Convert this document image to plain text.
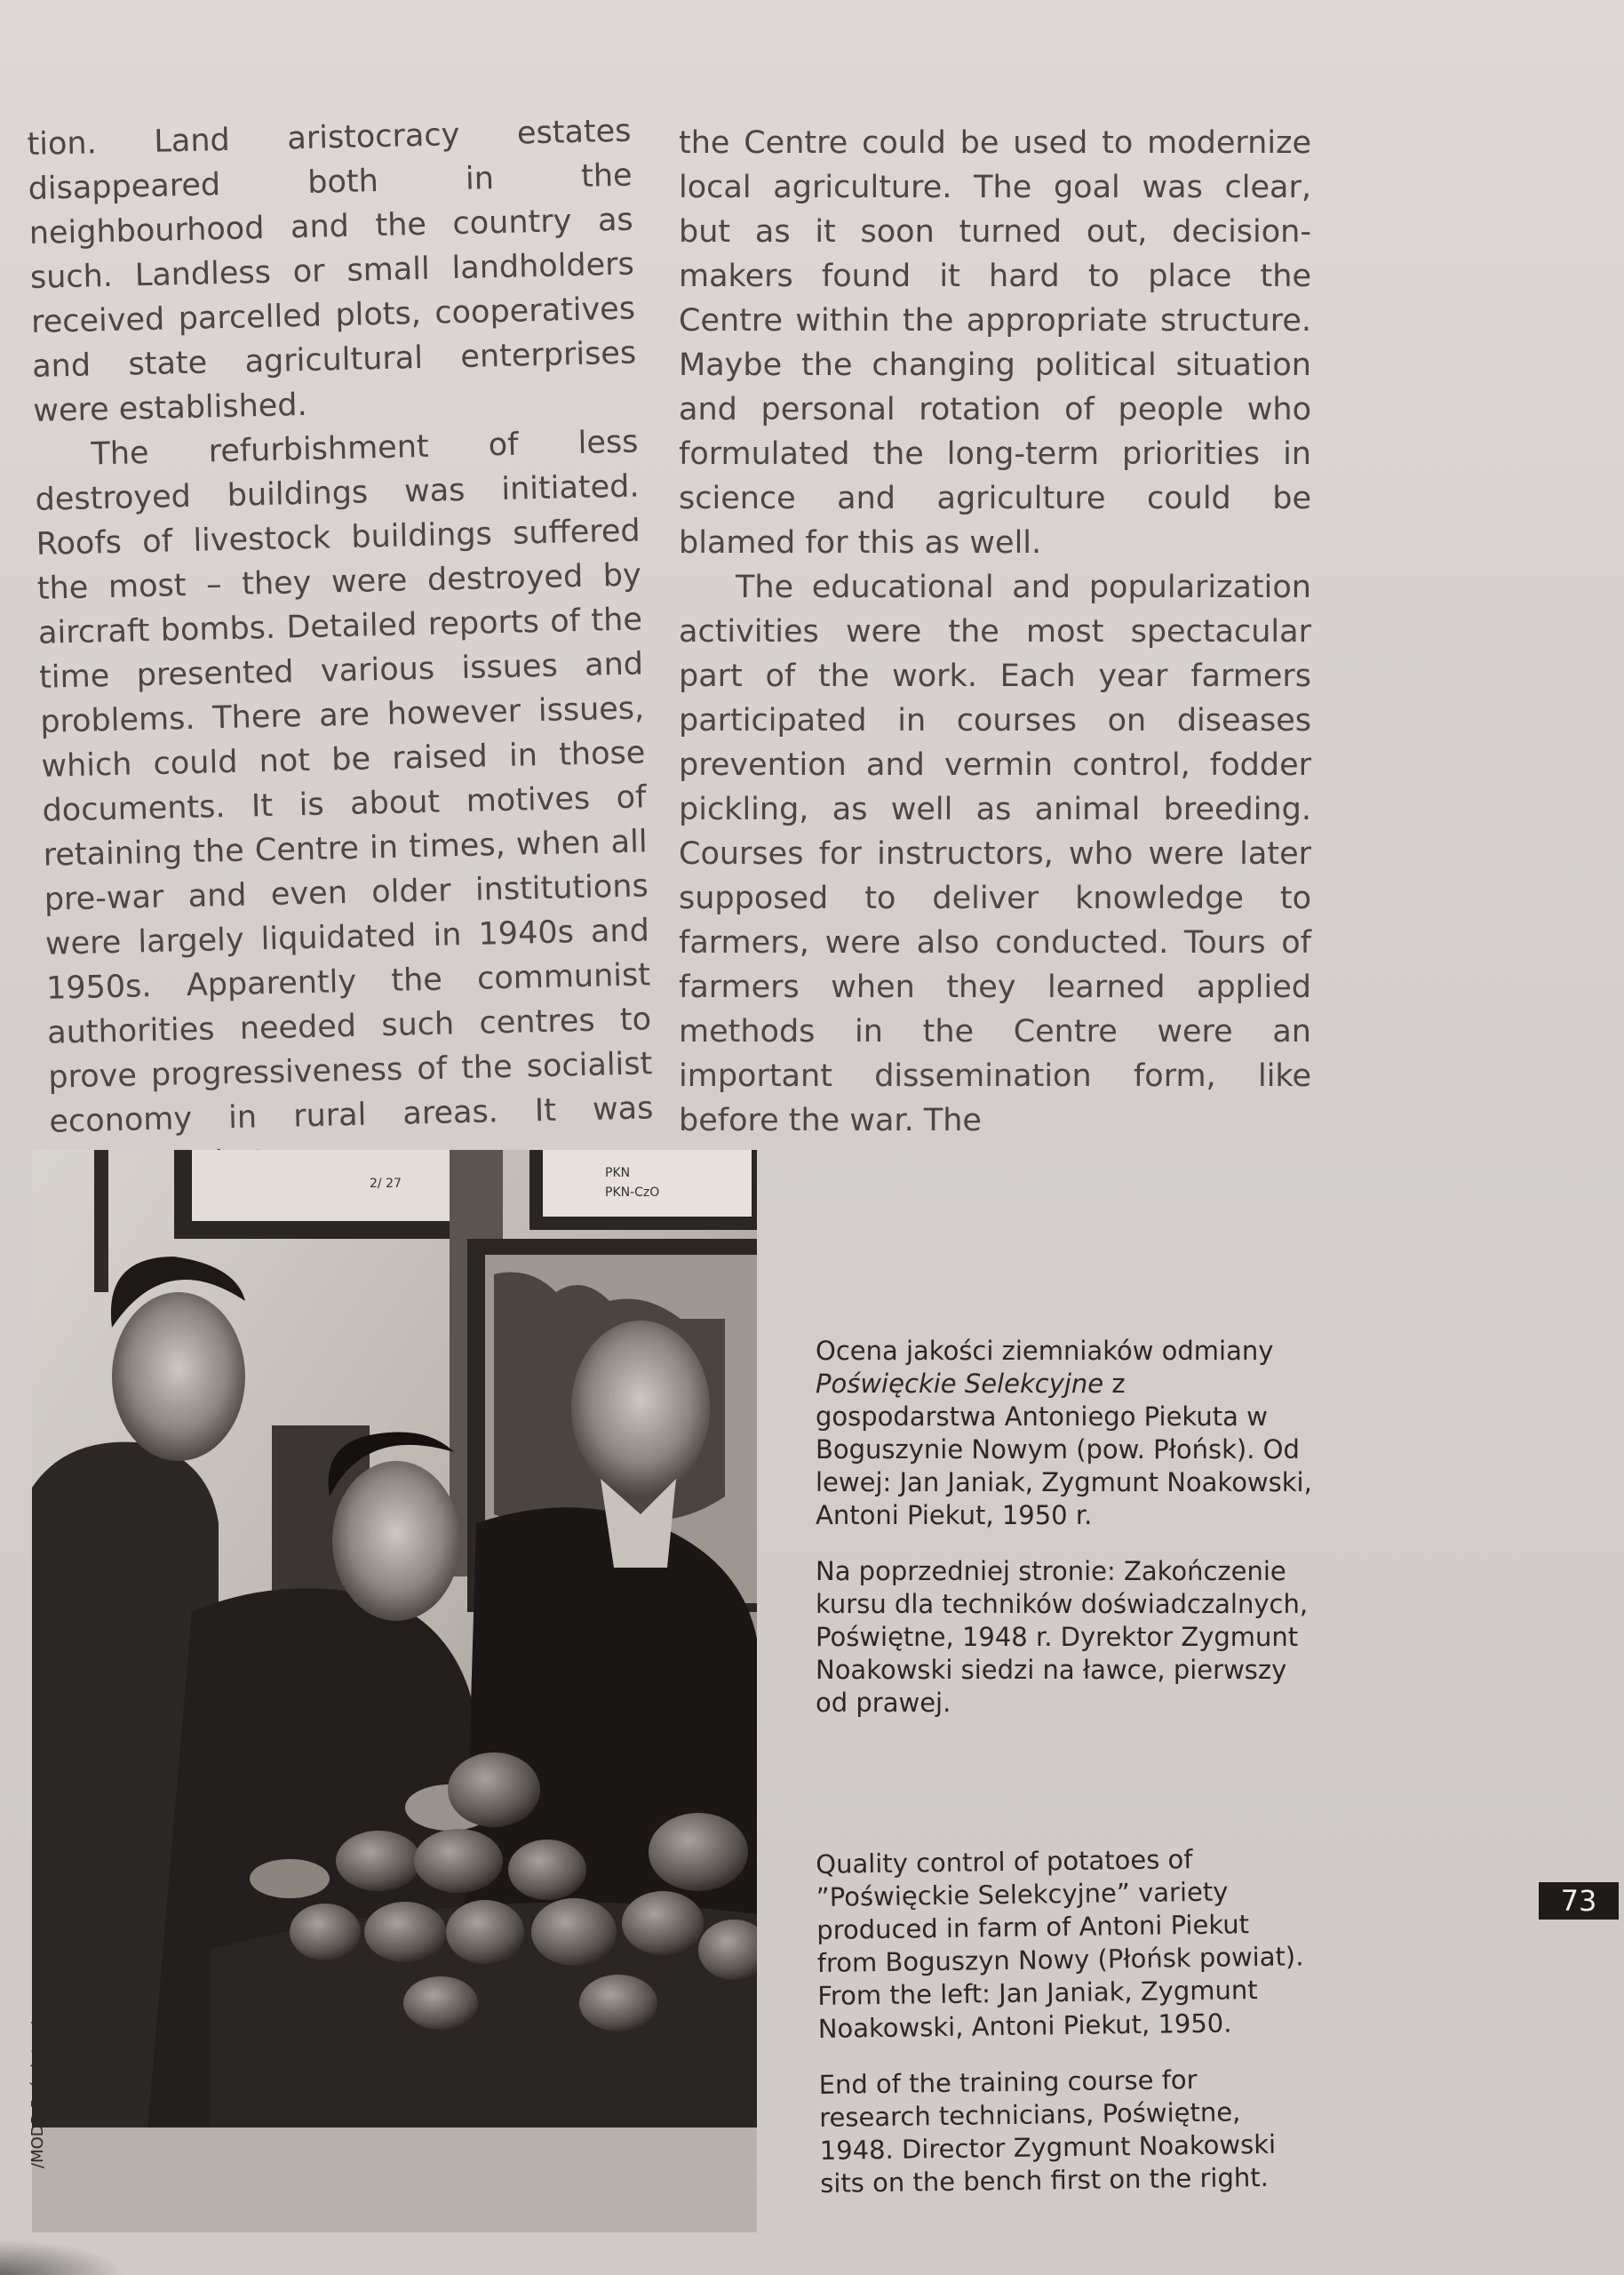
tion. Land aristocracy estates disappeared both in the neighbourhood and the country as such. Landless or small landholders received parcelled plots, cooperatives and state agricultural enterprises were established.

The refurbishment of less destroyed buildings was initiated. Roofs of livestock buildings suffered the most – they were destroyed by aircraft bombs. Detailed reports of the time presented various issues and problems. There are however issues, which could not be raised in those documents. It is about motives of retaining the Centre in times, when all pre-war and even older institutions were largely liquidated in 1940s and 1950s. Apparently the communist authorities needed such centres to prove progressiveness of the socialist economy in rural areas. It was

the Centre could be used to modernize local agriculture. The goal was clear, but as it soon turned out, decision-makers found it hard to place the Centre within the appropriate structure. Maybe the changing political situation and personal rotation of people who formulated the long-term priorities in science and agriculture could be blamed for this as well.

The educational and popularization activities were the most spectacular part of the work. Each year farmers participated in courses on diseases prevention and vermin control, fodder pickling, as well as animal breeding. Courses for instructors, who were later supposed to deliver knowledge to farmers, were also conducted. Tours of farmers when they learned applied methods in the Centre were an important dissemination form, like before the war. The

2/ 27
PKN
PKN-CzO
/MODR Poświętne/

Ocena jakości ziemniaków odmiany Poświęckie Selekcyjne z gospodarstwa Antoniego Piekuta w Boguszynie Nowym (pow. Płońsk). Od lewej: Jan Janiak, Zygmunt Noakowski, Antoni Piekut, 1950 r.

Na poprzedniej stronie: Zakończenie kursu dla techników doświadczalnych, Poświętne, 1948 r. Dyrektor Zygmunt Noakowski siedzi na ławce, pierwszy od prawej.

Quality control of potatoes of ”Poświęckie Selekcyjne” variety produced in farm of Antoni Piekut from Boguszyn Nowy (Płońsk powiat). From the left: Jan Janiak, Zygmunt Noakowski, Antoni Piekut, 1950.

End of the training course for research technicians, Poświętne, 1948. Director Zygmunt Noakowski sits on the bench first on the right.

73
